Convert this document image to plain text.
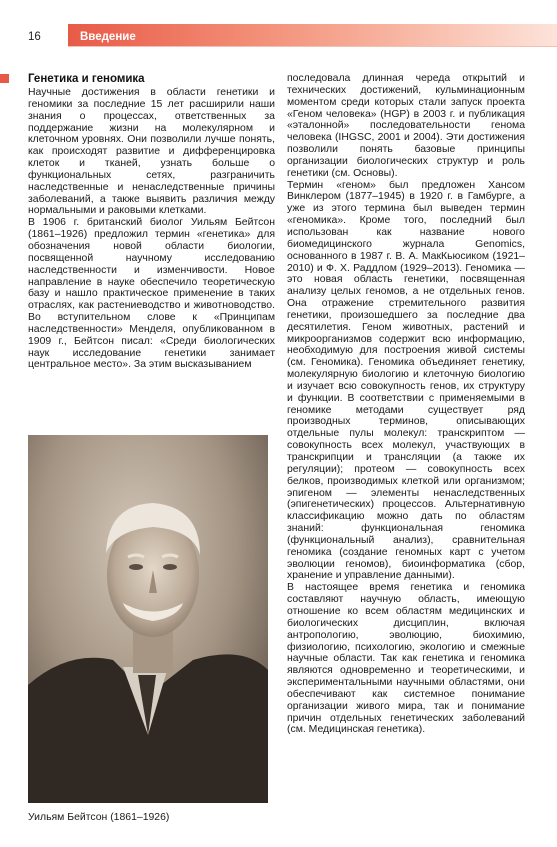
16	Введение
Генетика и геномика

Научные достижения в области генетики и геномики за последние 15 лет расширили наши знания о процессах, ответственных за поддержание жизни на молекулярном и клеточном уровнях. Они позволили лучше понять, как происходят развитие и дифференцировка клеток и тканей, узнать больше о функциональных сетях, разграничить наследственные и ненаследственные причины заболеваний, а также выявить различия между нормальными и раковыми клетками.

В 1906 г. британский биолог Уильям Бейтсон (1861–1926) предложил термин «генетика» для обозначения новой области биологии, посвященной научному исследованию наследственности и изменчивости. Новое направление в науке обеспечило теоретическую базу и нашло практическое применение в таких отраслях, как растениеводство и животноводство. Во вступительном слове к «Принципам наследственности» Менделя, опубликованном в 1909 г., Бейтсон писал: «Среди биологических наук исследование генетики занимает центральное место». За этим высказыванием

Уильям Бейтсон (1861–1926)

последовала длинная череда открытий и технических достижений, кульминационным моментом среди которых стали запуск проекта «Геном человека» (HGP) в 2003 г. и публикация «эталонной» последовательности генома человека (IHGSC, 2001 и 2004). Эти достижения позволили понять базовые принципы организации биологических структур и роль генетики (см. Основы).

Термин «геном» был предложен Хансом Винклером (1877–1945) в 1920 г. в Гамбурге, а уже из этого термина был выведен термин «геномика». Кроме того, последний был использован как название нового биомедицинского журнала Genomics, основанного в 1987 г. В. А. МакКьюсиком (1921–2010) и Ф. Х. Раддлом (1929–2013). Геномика — это новая область генетики, посвященная анализу целых геномов, а не отдельных генов. Она отражение стремительного развития генетики, произошедшего за последние два десятилетия. Геном животных, растений и микроорганизмов содержит всю информацию, необходимую для построения живой системы (см. Геномика). Геномика объединяет генетику, молекулярную биологию и клеточную биологию и изучает всю совокупность генов, их структуру и функции. В соответствии с применяемыми в геномике методами существует ряд производных терминов, описывающих отдельные пулы молекул: транскриптом — совокупность всех молекул, участвующих в транскрипции и трансляции (а также их регуляции); протеом — совокупность всех белков, производимых клеткой или организмом; эпигеном — элементы ненаследственных (эпигенетических) процессов. Альтернативную классификацию можно дать по областям знаний: функциональная геномика (функциональный анализ), сравнительная геномика (создание геномных карт с учетом эволюции геномов), биоинформатика (сбор, хранение и управление данными).

В настоящее время генетика и геномика составляют научную область, имеющую отношение ко всем областям медицинских и биологических дисциплин, включая антропологию, эволюцию, биохимию, физиологию, психологию, экологию и смежные научные области. Так как генетика и геномика являются одновременно и теоретическими, и экспериментальными научными областями, они обеспечивают как системное понимание организации живого мира, так и понимание причин отдельных генетических заболеваний (см. Медицинская генетика).
